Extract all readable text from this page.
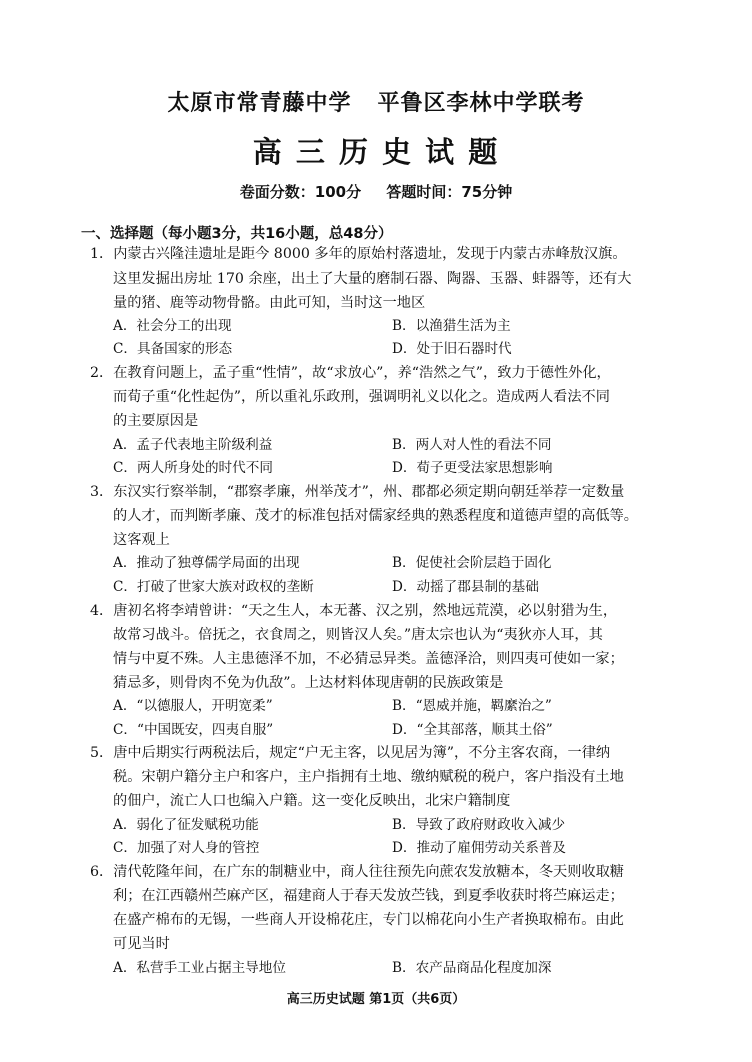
太原市常青藤中学   平鲁区李林中学联考
高 三 历 史 试 题
卷面分数：100分 答题时间：75分钟
一、选择题（每小题3分，共16小题，总48分）
1．内蒙古兴隆洼遗址是距今 8000 多年的原始村落遗址，发现于内蒙古赤峰敖汉旗。
这里发掘出房址 170 余座，出土了大量的磨制石器、陶器、玉器、蚌器等，还有大
量的猪、鹿等动物骨骼。由此可知，当时这一地区
A．社会分工的出现	B．以渔猎生活为主
C．具备国家的形态	D．处于旧石器时代
2．在教育问题上，孟子重“性情”，故“求放心”，养“浩然之气”，致力于德性外化，
而荀子重“化性起伪”，所以重礼乐政刑，强调明礼义以化之。造成两人看法不同
的主要原因是
A．孟子代表地主阶级利益	B．两人对人性的看法不同
C．两人所身处的时代不同	D．荀子更受法家思想影响
3．东汉实行察举制，“郡察孝廉，州举茂才”，州、郡都必须定期向朝廷举荐一定数量
的人才，而判断孝廉、茂才的标准包括对儒家经典的熟悉程度和道德声望的高低等。
这客观上
A．推动了独尊儒学局面的出现	B．促使社会阶层趋于固化
C．打破了世家大族对政权的垄断	D．动摇了郡县制的基础
4．唐初名将李靖曾讲：“天之生人，本无蕃、汉之别，然地远荒漠，必以射猎为生，
故常习战斗。倍抚之，衣食周之，则皆汉人矣。”唐太宗也认为“夷狄亦人耳，其
情与中夏不殊。人主患德泽不加，不必猜忌异类。盖德泽洽，则四夷可使如一家；
猜忌多，则骨肉不免为仇敌”。上达材料体现唐朝的民族政策是
A．“以德服人，开明宽柔”	B．“恩威并施，羁縻治之”
C．“中国既安，四夷自服”	D．“全其部落，顺其土俗”
5．唐中后期实行两税法后，规定“户无主客，以见居为簿”，不分主客农商，一律纳
税。宋朝户籍分主户和客户，主户指拥有土地、缴纳赋税的税户，客户指没有土地
的佃户，流亡人口也编入户籍。这一变化反映出，北宋户籍制度
A．弱化了征发赋税功能	B．导致了政府财政收入减少
C．加强了对人身的管控	D．推动了雇佣劳动关系普及
6．清代乾隆年间，在广东的制糖业中，商人往往预先向蔗农发放糖本，冬天则收取糖
利；在江西赣州苎麻产区，福建商人于春天发放苎钱，到夏季收获时将苎麻运走；
在盛产棉布的无锡，一些商人开设棉花庄，专门以棉花向小生产者换取棉布。由此
可见当时
A．私营手工业占据主导地位	B．农产品商品化程度加深
高三历史试题 第1页（共6页）
